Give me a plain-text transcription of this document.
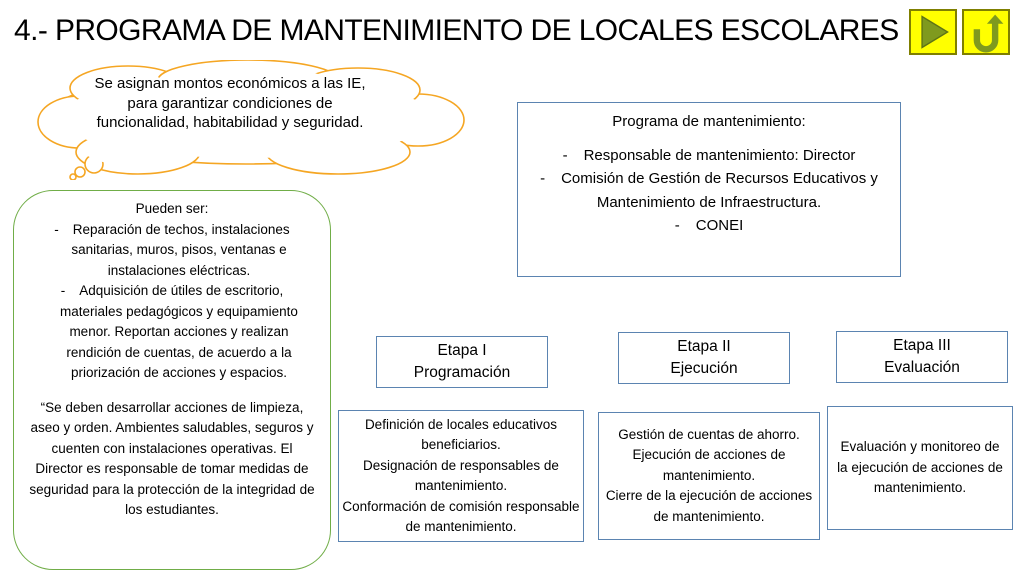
4.- PROGRAMA DE MANTENIMIENTO DE LOCALES ESCOLARES
Se asignan montos económicos a las IE, para garantizar condiciones de funcionalidad, habitabilidad y seguridad.	Programa de mantenimiento:
- Responsable de mantenimiento: Director
- Comisión de Gestión de Recursos Educativos y Mantenimiento de Infraestructura.
- CONEI
Pueden ser:
- Reparación de techos, instalaciones sanitarias, muros, pisos, ventanas e instalaciones eléctricas.
- Adquisición de útiles de escritorio, materiales pedagógicos y equipamiento menor. Reportan acciones y realizan rendición de cuentas, de acuerdo a la priorización de acciones y espacios.
“Se deben desarrollar acciones de limpieza, aseo y orden. Ambientes saludables, seguros y cuenten con instalaciones operativas. El Director es responsable de tomar medidas de seguridad para la protección de la integridad de los estudiantes.
Etapa I
Programación
Etapa II
Ejecución
Etapa III
Evaluación
Definición de locales educativos beneficiarios.
Designación de responsables de mantenimiento.
Conformación de comisión responsable de mantenimiento.
Gestión de cuentas de ahorro.
Ejecución de acciones de mantenimiento.
Cierre de la ejecución de acciones de mantenimiento.
Evaluación y monitoreo de la ejecución de acciones de mantenimiento.
